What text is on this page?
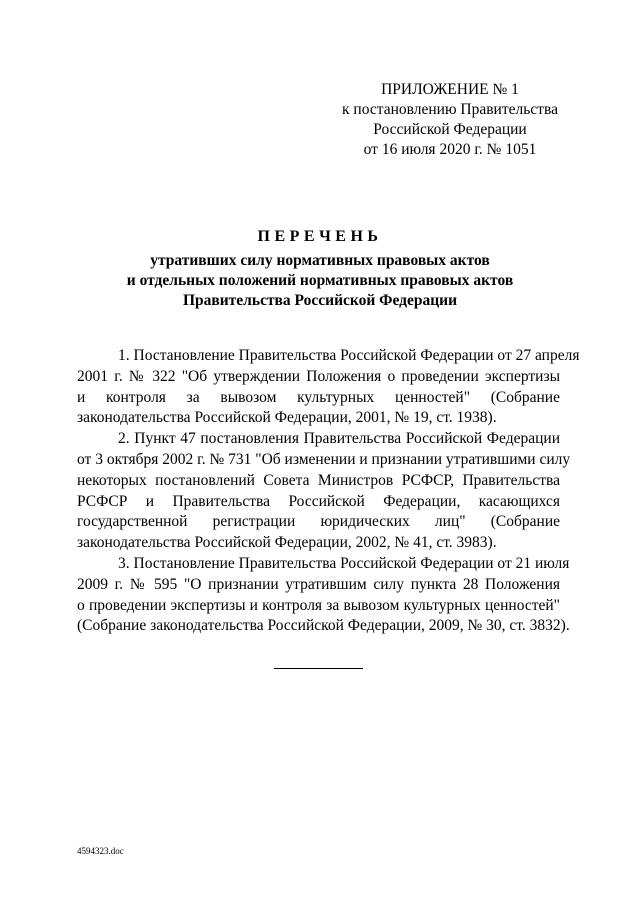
ПРИЛОЖЕНИЕ № 1
к постановлению Правительства
Российской Федерации
от 16 июля 2020 г. № 1051
ПЕРЕЧЕНЬ
утративших силу нормативных правовых актов
и отдельных положений нормативных правовых актов
Правительства Российской Федерации
1. Постановление Правительства Российской Федерации от 27 апреля
2001 г. № 322 "Об утверждении Положения о проведении экспертизы
и контроля за вывозом культурных ценностей" (Собрание
законодательства Российской Федерации, 2001, № 19, ст. 1938).
2. Пункт 47 постановления Правительства Российской Федерации
от 3 октября 2002 г. № 731 "Об изменении и признании утратившими силу
некоторых постановлений Совета Министров РСФСР, Правительства
РСФСР и Правительства Российской Федерации, касающихся
государственной регистрации юридических лиц" (Собрание
законодательства Российской Федерации, 2002, № 41, ст. 3983).
3. Постановление Правительства Российской Федерации от 21 июля
2009 г. № 595 "О признании утратившим силу пункта 28 Положения
о проведении экспертизы и контроля за вывозом культурных ценностей"
(Собрание законодательства Российской Федерации, 2009, № 30, ст. 3832).
4594323.doc
